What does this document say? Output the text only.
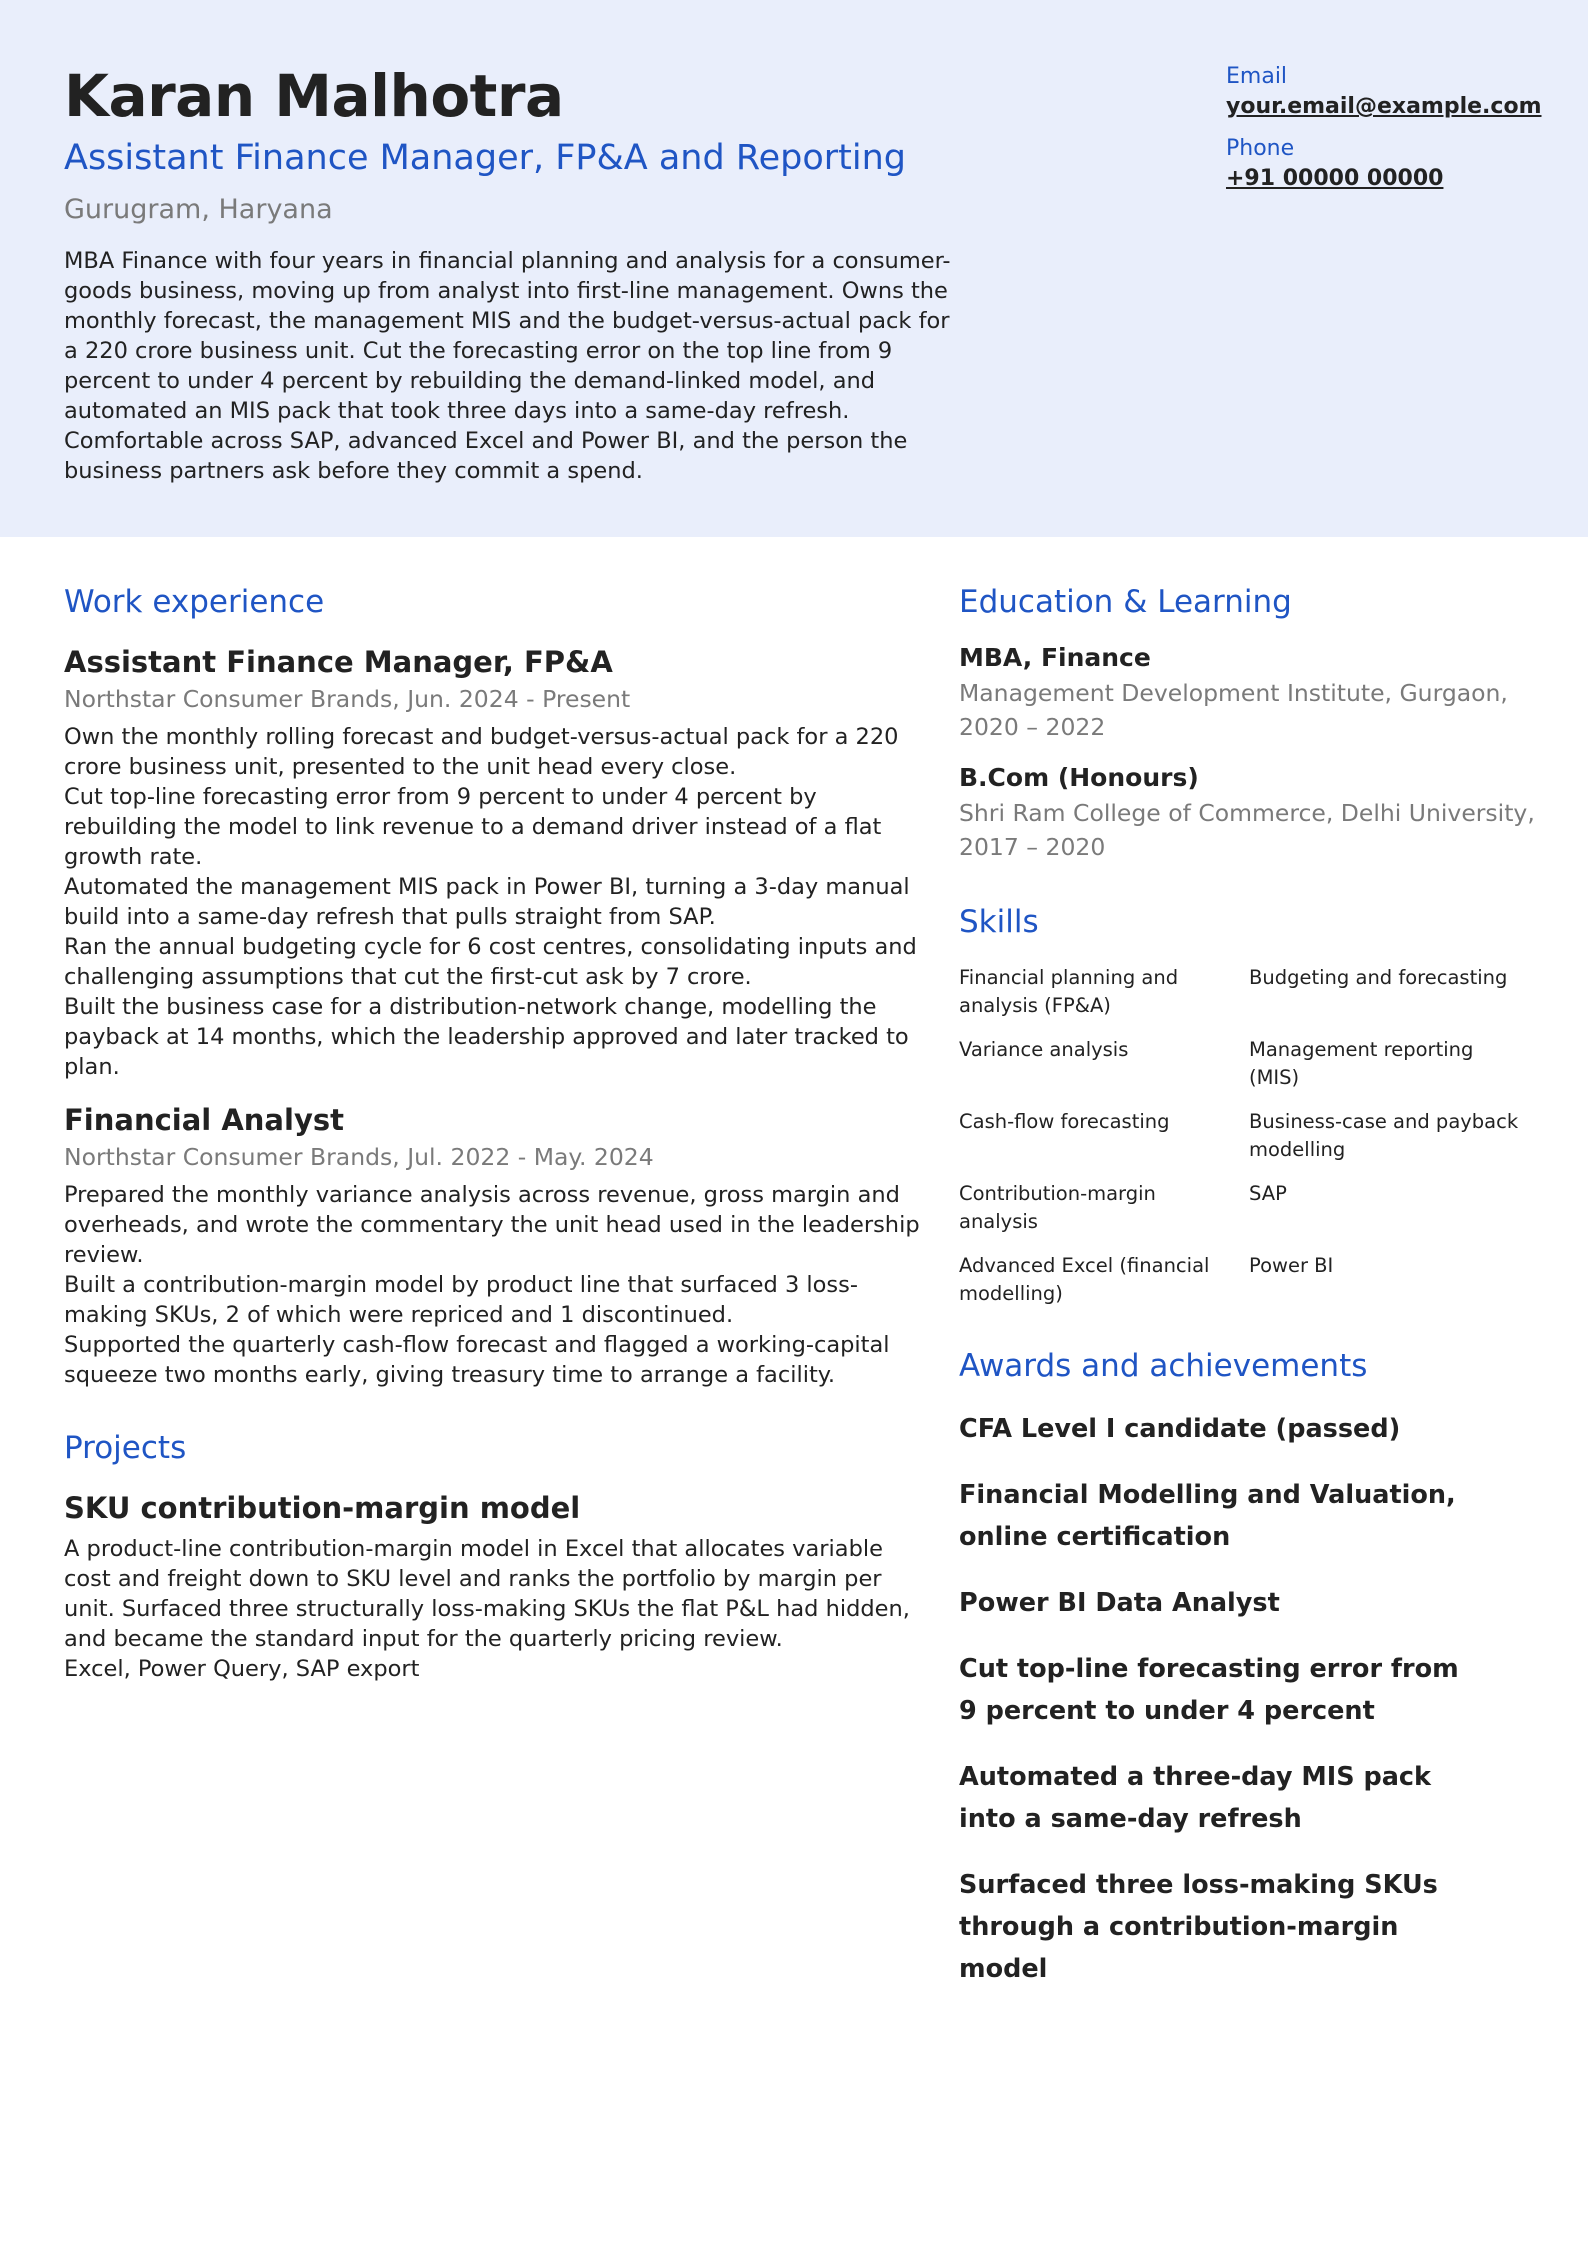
Karan Malhotra
Assistant Finance Manager, FP&A and Reporting
Gurugram, Haryana
MBA Finance with four years in financial planning and analysis for a consumer-goods business, moving up from analyst into first-line management. Owns the monthly forecast, the management MIS and the budget-versus-actual pack for a 220 crore business unit. Cut the forecasting error on the top line from 9 percent to under 4 percent by rebuilding the demand-linked model, and automated an MIS pack that took three days into a same-day refresh. Comfortable across SAP, advanced Excel and Power BI, and the person the business partners ask before they commit a spend.
Email
your.email@example.com
Phone
+91 00000 00000
Work experience
Assistant Finance Manager, FP&A
Northstar Consumer Brands, Jun. 2024 - Present
Own the monthly rolling forecast and budget-versus-actual pack for a 220 crore business unit, presented to the unit head every close.
Cut top-line forecasting error from 9 percent to under 4 percent by rebuilding the model to link revenue to a demand driver instead of a flat growth rate.
Automated the management MIS pack in Power BI, turning a 3-day manual build into a same-day refresh that pulls straight from SAP.
Ran the annual budgeting cycle for 6 cost centres, consolidating inputs and challenging assumptions that cut the first-cut ask by 7 crore.
Built the business case for a distribution-network change, modelling the payback at 14 months, which the leadership approved and later tracked to plan.
Financial Analyst
Northstar Consumer Brands, Jul. 2022 - May. 2024
Prepared the monthly variance analysis across revenue, gross margin and overheads, and wrote the commentary the unit head used in the leadership review.
Built a contribution-margin model by product line that surfaced 3 loss-making SKUs, 2 of which were repriced and 1 discontinued.
Supported the quarterly cash-flow forecast and flagged a working-capital squeeze two months early, giving treasury time to arrange a facility.
Projects
SKU contribution-margin model
A product-line contribution-margin model in Excel that allocates variable cost and freight down to SKU level and ranks the portfolio by margin per unit. Surfaced three structurally loss-making SKUs the flat P&L had hidden, and became the standard input for the quarterly pricing review.
Excel, Power Query, SAP export
Education & Learning
MBA, Finance
Management Development Institute, Gurgaon, 2020 – 2022
B.Com (Honours)
Shri Ram College of Commerce, Delhi University, 2017 – 2020
Skills
Financial planning and analysis (FP&A)
Budgeting and forecasting
Variance analysis	Management reporting (MIS)
Cash-flow forecasting	Business-case and payback modelling
Contribution-margin analysis
SAP
Advanced Excel (financial modelling)
Power BI
Awards and achievements
CFA Level I candidate (passed)
Financial Modelling and Valuation, online certification
Power BI Data Analyst
Cut top-line forecasting error from 9 percent to under 4 percent
Automated a three-day MIS pack into a same-day refresh
Surfaced three loss-making SKUs through a contribution-margin model
